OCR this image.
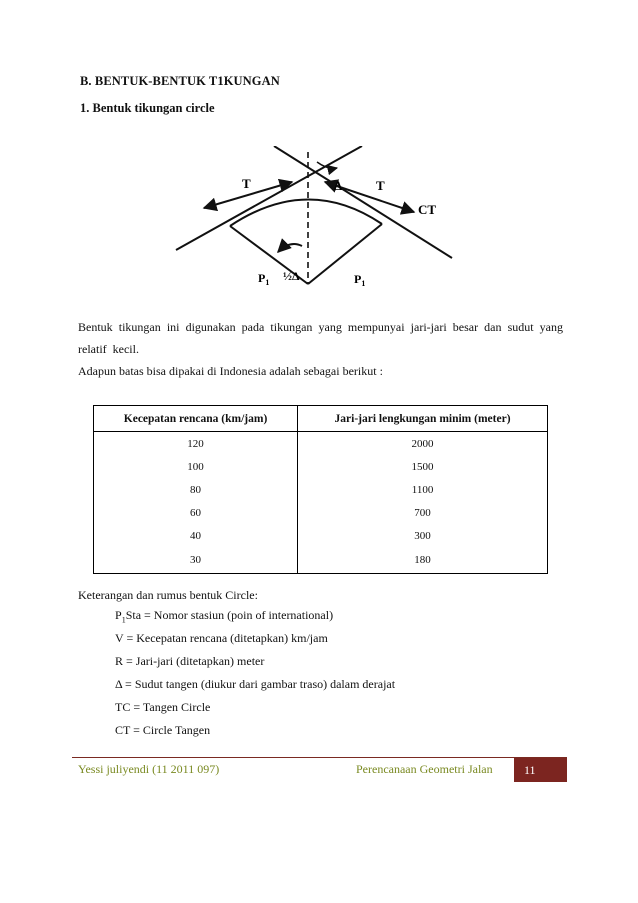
B. BENTUK-BENTUK T1KUNGAN
1. Bentuk tikungan circle
T	T
Δ
CT
$P_1$ ½Δ	$P_1$
Bentuk tikungan ini digunakan pada tikungan yang mempunyai jari-jari besar dan sudut yang relatif kecil.
Adapun batas bisa dipakai di Indonesia adalah sebagai berikut :
Kecepatan rencana (km/jam)	Jari-jari lengkungan minim (meter)
120	2000
100	1500
80	1100
60	700
40	300
30	180
Keterangan dan rumus bentuk Circle:
$P_1Sta$ = Nomor stasiun (poin of international)
V = Kecepatan rencana (ditetapkan) km/jam
R = Jari-jari (ditetapkan) meter
Δ = Sudut tangen (diukur dari gambar traso) dalam derajat
TC = Tangen Circle
CT = Circle Tangen
Yessi juliyendi (11 2011 097)	Perencanaan Geometri Jalan	11
